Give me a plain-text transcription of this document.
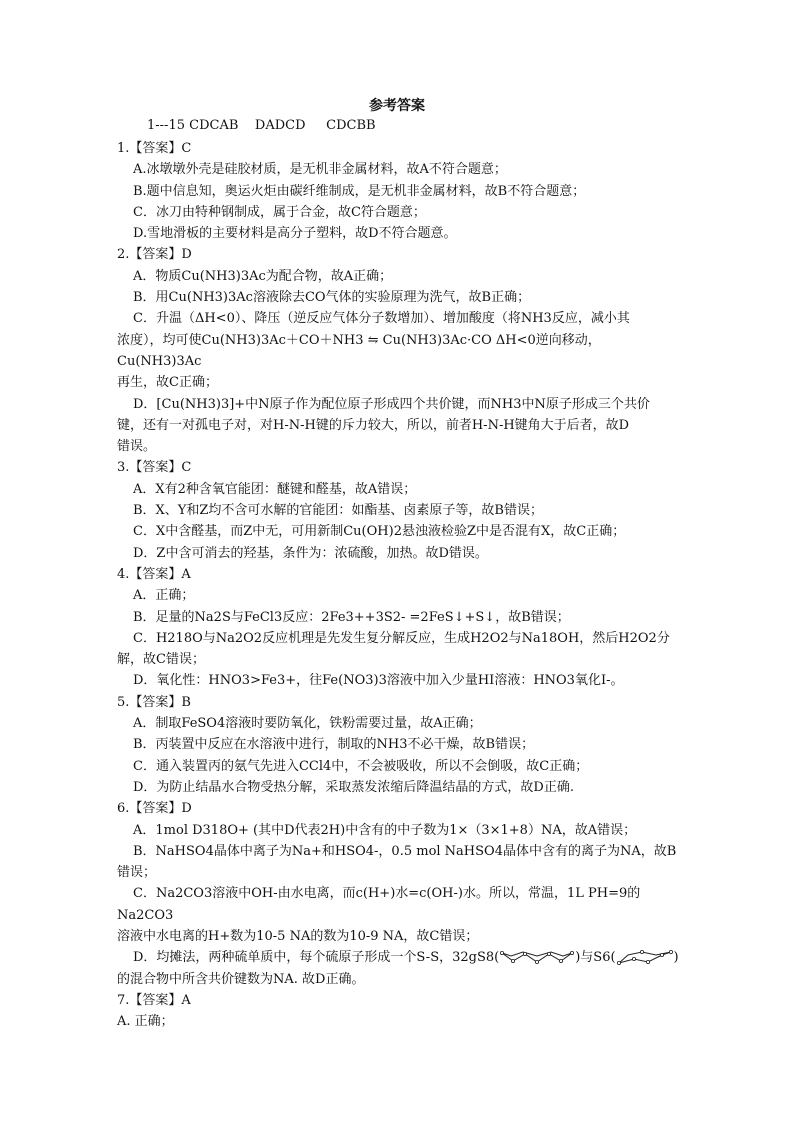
参考答案
1---15 CDCAB    DADCD     CDCBB
1.【答案】C
A.冰墩墩外壳是硅胶材质，是无机非金属材料，故A不符合题意；
B.题中信息知，奥运火炬由碳纤维制成，是无机非金属材料，故B不符合题意；
C．冰刀由特种钢制成，属于合金，故C符合题意；
D.雪地滑板的主要材料是高分子塑料，故D不符合题意。
2.【答案】D
A．物质Cu(NH3)3Ac为配合物，故A正确；
B．用Cu(NH3)3Ac溶液除去CO气体的实验原理为洗气，故B正确；
C．升温（ΔH<0）、降压（逆反应气体分子数增加）、增加酸度（将NH3反应，减小其
浓度），均可使Cu(NH3)3Ac＋CO＋NH3 ⇋ Cu(NH3)3Ac·CO ΔH<0逆向移动，Cu(NH3)3Ac
再生，故C正确；
D．[Cu(NH3)3]+中N原子作为配位原子形成四个共价键，而NH3中N原子形成三个共价
键，还有一对孤电子对，对H-N-H键的斥力较大，所以，前者H-N-H键角大于后者，故D
错误。
3.【答案】C
A．X有2种含氧官能团：醚键和醛基，故A错误；
B．X、Y和Z均不含可水解的官能团：如酯基、卤素原子等，故B错误；
C．X中含醛基，而Z中无，可用新制Cu(OH)2悬浊液检验Z中是否混有X，故C正确；
D．Z中含可消去的羟基，条件为：浓硫酸，加热。故D错误。
4.【答案】A
A．正确；
B．足量的Na2S与FeCl3反应：2Fe3++3S2- =2FeS↓+S↓，故B错误；
C．H218O与Na2O2反应机理是先发生复分解反应，生成H2O2与Na18OH，然后H2O2分
解，故C错误；
D．氧化性：HNO3>Fe3+，往Fe(NO3)3溶液中加入少量HI溶液：HNO3氧化I-。
5.【答案】B
A．制取FeSO4溶液时要防氧化，铁粉需要过量，故A正确；
B．丙装置中反应在水溶液中进行，制取的NH3不必干燥，故B错误；
C．通入装置丙的氨气先进入CCl4中，不会被吸收，所以不会倒吸，故C正确；
D．为防止结晶水合物受热分解，采取蒸发浓缩后降温结晶的方式，故D正确.
6.【答案】D
A．1mol D318O+ (其中D代表2H)中含有的中子数为1×（3×1+8）NA，故A错误；
B．NaHSO4晶体中离子为Na+和HSO4-，0.5 mol NaHSO4晶体中含有的离子为NA，故B
错误；
C．Na2CO3溶液中OH-由水电离，而c(H+)水=c(OH-)水。所以，常温，1L PH=9的Na2CO3
溶液中水电离的H+数为10-5 NA的数为10-9 NA，故C错误；
D．均摊法，两种硫单质中，每个硫原子形成一个S-S，32gS8(	)与S6(	)
的混合物中所含共价键数为NA. 故D正确。
7.【答案】A
A. 正确；
